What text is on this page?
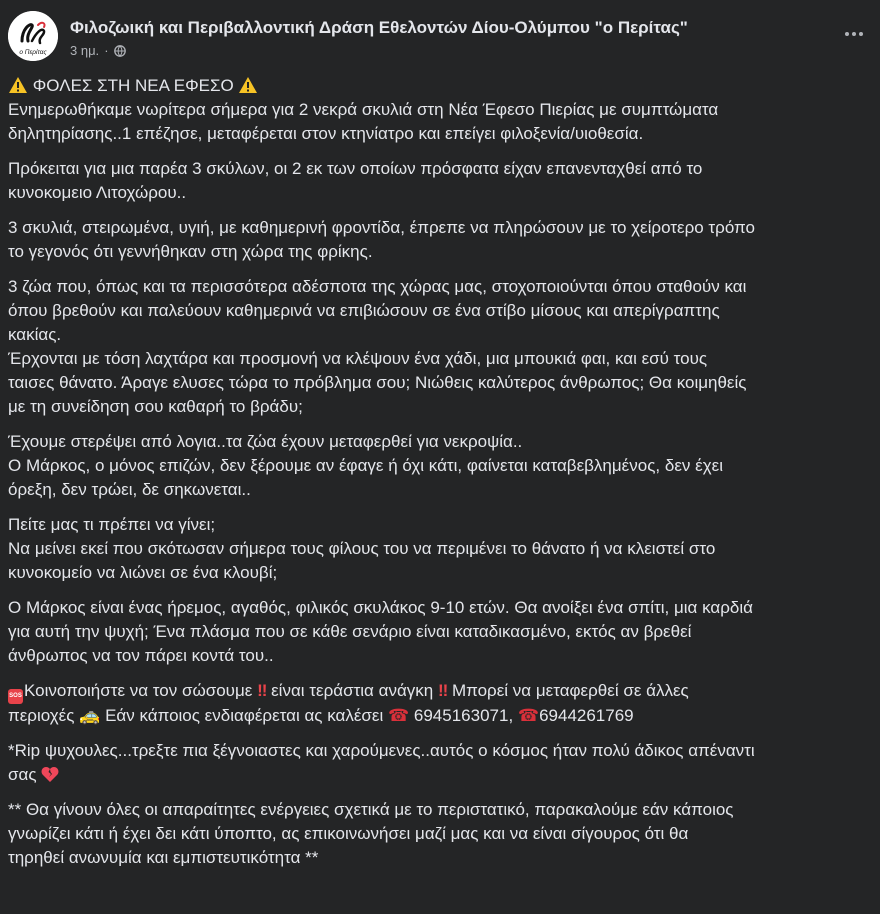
ο Περίτας
Φιλοζωική και Περιβαλλοντική Δράση Εθελοντών Δίου-Ολύμπου "ο Περίτας"
3 ημ. ·
ΦΟΛΕΣ ΣΤΗ ΝΕΑ ΕΦΕΣΟ
Ενημερωθήκαμε νωρίτερα σήμερα για 2 νεκρά σκυλιά στη Νέα Έφεσο Πιερίας με συμπτώματα
δηλητηρίασης..1 επέζησε, μεταφέρεται στον κτηνίατρο και επείγει φιλοξενία/υιοθεσία.
Πρόκειται για μια παρέα 3 σκύλων, οι 2 εκ των οποίων πρόσφατα είχαν επανενταχθεί από το
κυνοκομειο Λιτοχώρου..
3 σκυλιά, στειρωμένα, υγιή, με καθημερινή φροντίδα, έπρεπε να πληρώσουν με το χείροτερο τρόπο
το γεγονός ότι γεννήθηκαν στη χώρα της φρίκης.
3 ζώα που, όπως και τα περισσότερα αδέσποτα της χώρας μας, στοχοποιούνται όπου σταθούν και
όπου βρεθούν και παλεύουν καθημερινά να επιβιώσουν σε ένα στίβο μίσους και απερίγραπτης
κακίας.
Έρχονται με τόση λαχτάρα και προσμονή να κλέψουν ένα χάδι, μια μπουκιά φαι, και εσύ τους
ταισες θάνατο. Άραγε ελυσες τώρα το πρόβλημα σου; Νιώθεις καλύτερος άνθρωπος; Θα κοιμηθείς
με τη συνείδηση σου καθαρή το βράδυ;
Έχουμε στερέψει από λογια..τα ζώα έχουν μεταφερθεί για νεκροψία..
Ο Μάρκος, ο μόνος επιζών, δεν ξέρουμε αν έφαγε ή όχι κάτι, φαίνεται καταβεβλημένος, δεν έχει
όρεξη, δεν τρώει, δε σηκωνεται..
Πείτε μας τι πρέπει να γίνει;
Να μείνει εκεί που σκότωσαν σήμερα τους φίλους του να περιμένει το θάνατο ή να κλειστεί στο
κυνοκομείο να λιώνει σε ένα κλουβί;
Ο Μάρκος είναι ένας ήρεμος, αγαθός, φιλικός σκυλάκος 9-10 ετών. Θα ανοίξει ένα σπίτι, μια καρδιά
για αυτή την ψυχή; Ένα πλάσμα που σε κάθε σενάριο είναι καταδικασμένο, εκτός αν βρεθεί
άνθρωπος να τον πάρει κοντά του..
SOS Κοινοποιήστε να τον σώσουμε ‼ είναι τεράστια ανάγκη ‼ Μπορεί να μεταφερθεί σε άλλες
περιοχές 🚕 Εάν κάποιος ενδιαφέρεται ας καλέσει ☎ 6945163071, ☎6944261769
*Rip ψυχουλες...τρεξτε πια ξέγνοιαστες και χαρούμενες..αυτός ο κόσμος ήταν πολύ άδικος απέναντι
σας
** Θα γίνουν όλες οι απαραίτητες ενέργειες σχετικά με το περιστατικό, παρακαλούμε εάν κάποιος
γνωρίζει κάτι ή έχει δει κάτι ύποπτο, ας επικοινωνήσει μαζί μας και να είναι σίγουρος ότι θα
τηρηθεί ανωνυμία και εμπιστευτικότητα **
